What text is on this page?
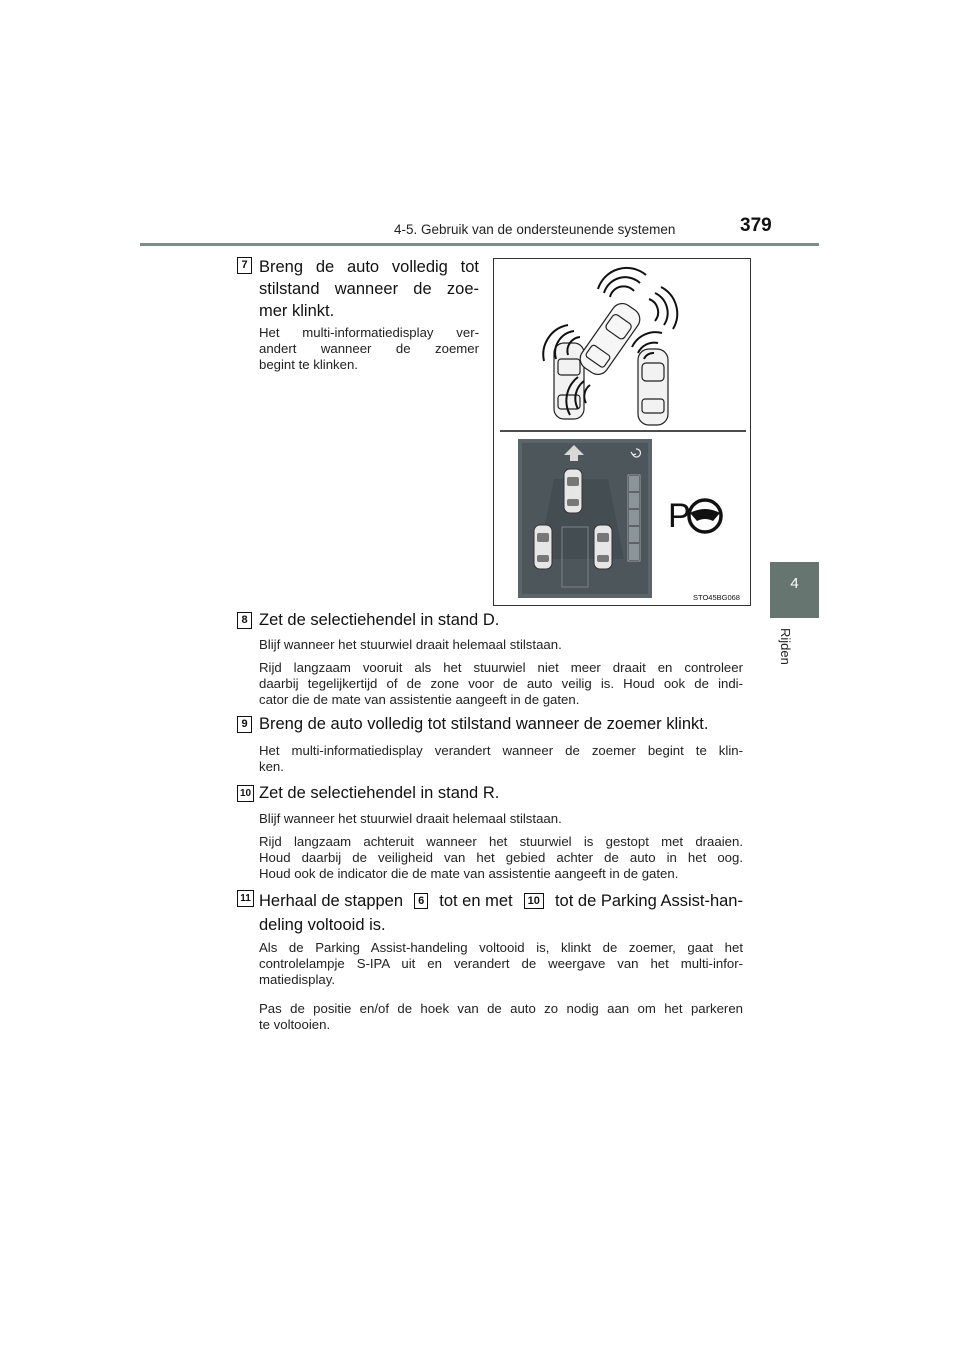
4-5. Gebruik van de ondersteunende systemen	379
4
Rijden
7 Breng de auto volledig tot
stilstand wanneer de zoe-
mer klinkt.
Het multi-informatiedisplay ver-
andert wanneer de zoemer
begint te klinken.
P
STO45BG068
8 Zet de selectiehendel in stand D.
Blijf wanneer het stuurwiel draait helemaal stilstaan.
Rijd langzaam vooruit als het stuurwiel niet meer draait en controleer
daarbij tegelijkertijd of de zone voor de auto veilig is. Houd ook de indi-
cator die de mate van assistentie aangeeft in de gaten.
9 Breng de auto volledig tot stilstand wanneer de zoemer klinkt.
Het multi-informatiedisplay verandert wanneer de zoemer begint te klin-
ken.
10 Zet de selectiehendel in stand R.
Blijf wanneer het stuurwiel draait helemaal stilstaan.
Rijd langzaam achteruit wanneer het stuurwiel is gestopt met draaien.
Houd daarbij de veiligheid van het gebied achter de auto in het oog.
Houd ook de indicator die de mate van assistentie aangeeft in de gaten.
11 Herhaal de stappen	6 tot en met	10 tot de Parking Assist-han-
deling voltooid is.
Als de Parking Assist-handeling voltooid is, klinkt de zoemer, gaat het
controlelampje S-IPA uit en verandert de weergave van het multi-infor-
matiedisplay.
Pas de positie en/of de hoek van de auto zo nodig aan om het parkeren
te voltooien.
